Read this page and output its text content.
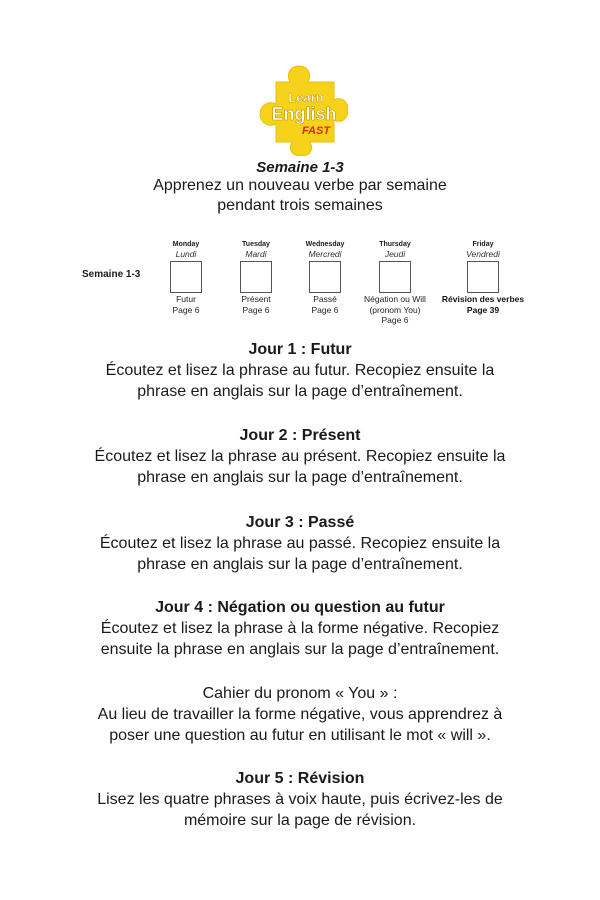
Learn
English
FAST
Semaine 1-3
Apprenez un nouveau verbe par semaine
pendant trois semaines
Semaine 1-3
Monday
Lundi
Futur
Page 6
Tuesday
Mardi
Présent
Page 6
Wednesday
Mercredi
Passé
Page 6
Thursday
Jeudi
Négation ou Will
(pronom You)
Page 6
Friday
Vendredi
Révision des verbes
Page 39
Jour 1 : Futur
Écoutez et lisez la phrase au futur. Recopiez ensuite la
phrase en anglais sur la page d’entraînement.
Jour 2 : Présent
Écoutez et lisez la phrase au présent. Recopiez ensuite la
phrase en anglais sur la page d’entraînement.
Jour 3 : Passé
Écoutez et lisez la phrase au passé. Recopiez ensuite la
phrase en anglais sur la page d’entraînement.
Jour 4 : Négation ou question au futur
Écoutez et lisez la phrase à la forme négative. Recopiez
ensuite la phrase en anglais sur la page d’entraînement.
Cahier du pronom « You » :
Au lieu de travailler la forme négative, vous apprendrez à
poser une question au futur en utilisant le mot « will ».
Jour 5 : Révision
Lisez les quatre phrases à voix haute, puis écrivez-les de
mémoire sur la page de révision.
